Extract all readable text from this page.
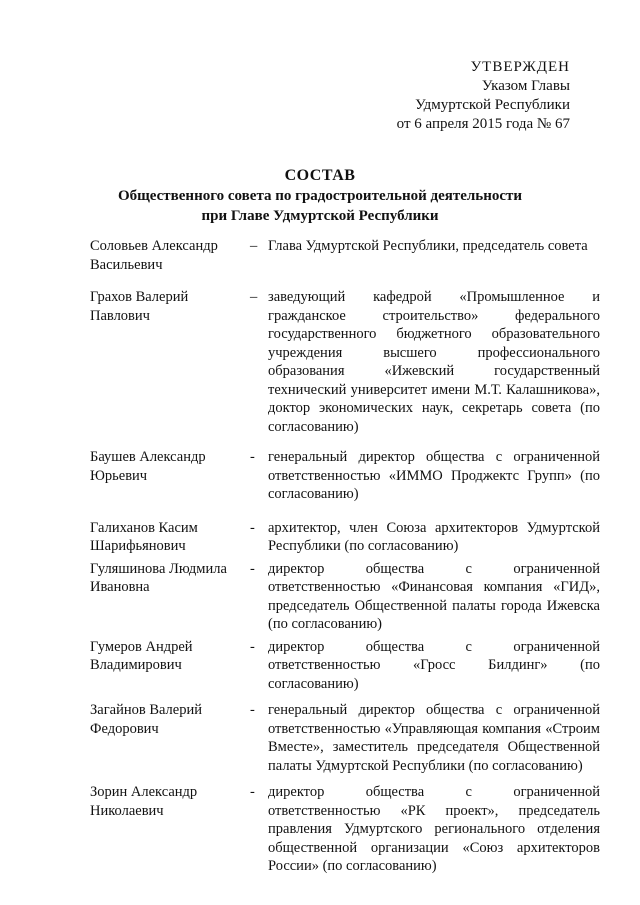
УТВЕРЖДЕН
Указом Главы
Удмуртской Республики
от 6 апреля 2015 года № 67
СОСТАВ
Общественного совета по градостроительной деятельности
при Главе Удмуртской Республики
Соловьев Александр
Васильевич
– Глава Удмуртской Республики, председатель совета
Грахов Валерий
Павлович
– заведующий кафедрой «Промышленное и гражданское строительство» федерального государственного бюджетного образовательного учреждения высшего профессионального образования «Ижевский государственный технический университет имени М.Т. Калашникова», доктор экономических наук, секретарь совета (по согласованию)
Баушев Александр
Юрьевич
- генеральный директор общества с ограниченной ответственностью «ИММО Проджектс Групп» (по согласованию)
Галиханов Касим
Шарифьянович
- архитектор, член Союза архитекторов Удмуртской Республики (по согласованию)
Гуляшинова Людмила
Ивановна
- директор общества с ограниченной ответственностью «Финансовая компания «ГИД», председатель Общественной палаты города Ижевска (по согласованию)
Гумеров Андрей
Владимирович
- директор общества с ограниченной ответственностью «Гросс Билдинг» (по согласованию)
Загайнов Валерий
Федорович
- генеральный директор общества с ограниченной ответственностью «Управляющая компания «Строим Вместе», заместитель председателя Общественной палаты Удмуртской Республики (по согласованию)
Зорин Александр
Николаевич
- директор общества с ограниченной ответственностью «РК проект», председатель правления Удмуртского регионального отделения общественной организации «Союз архитекторов России» (по согласованию)
